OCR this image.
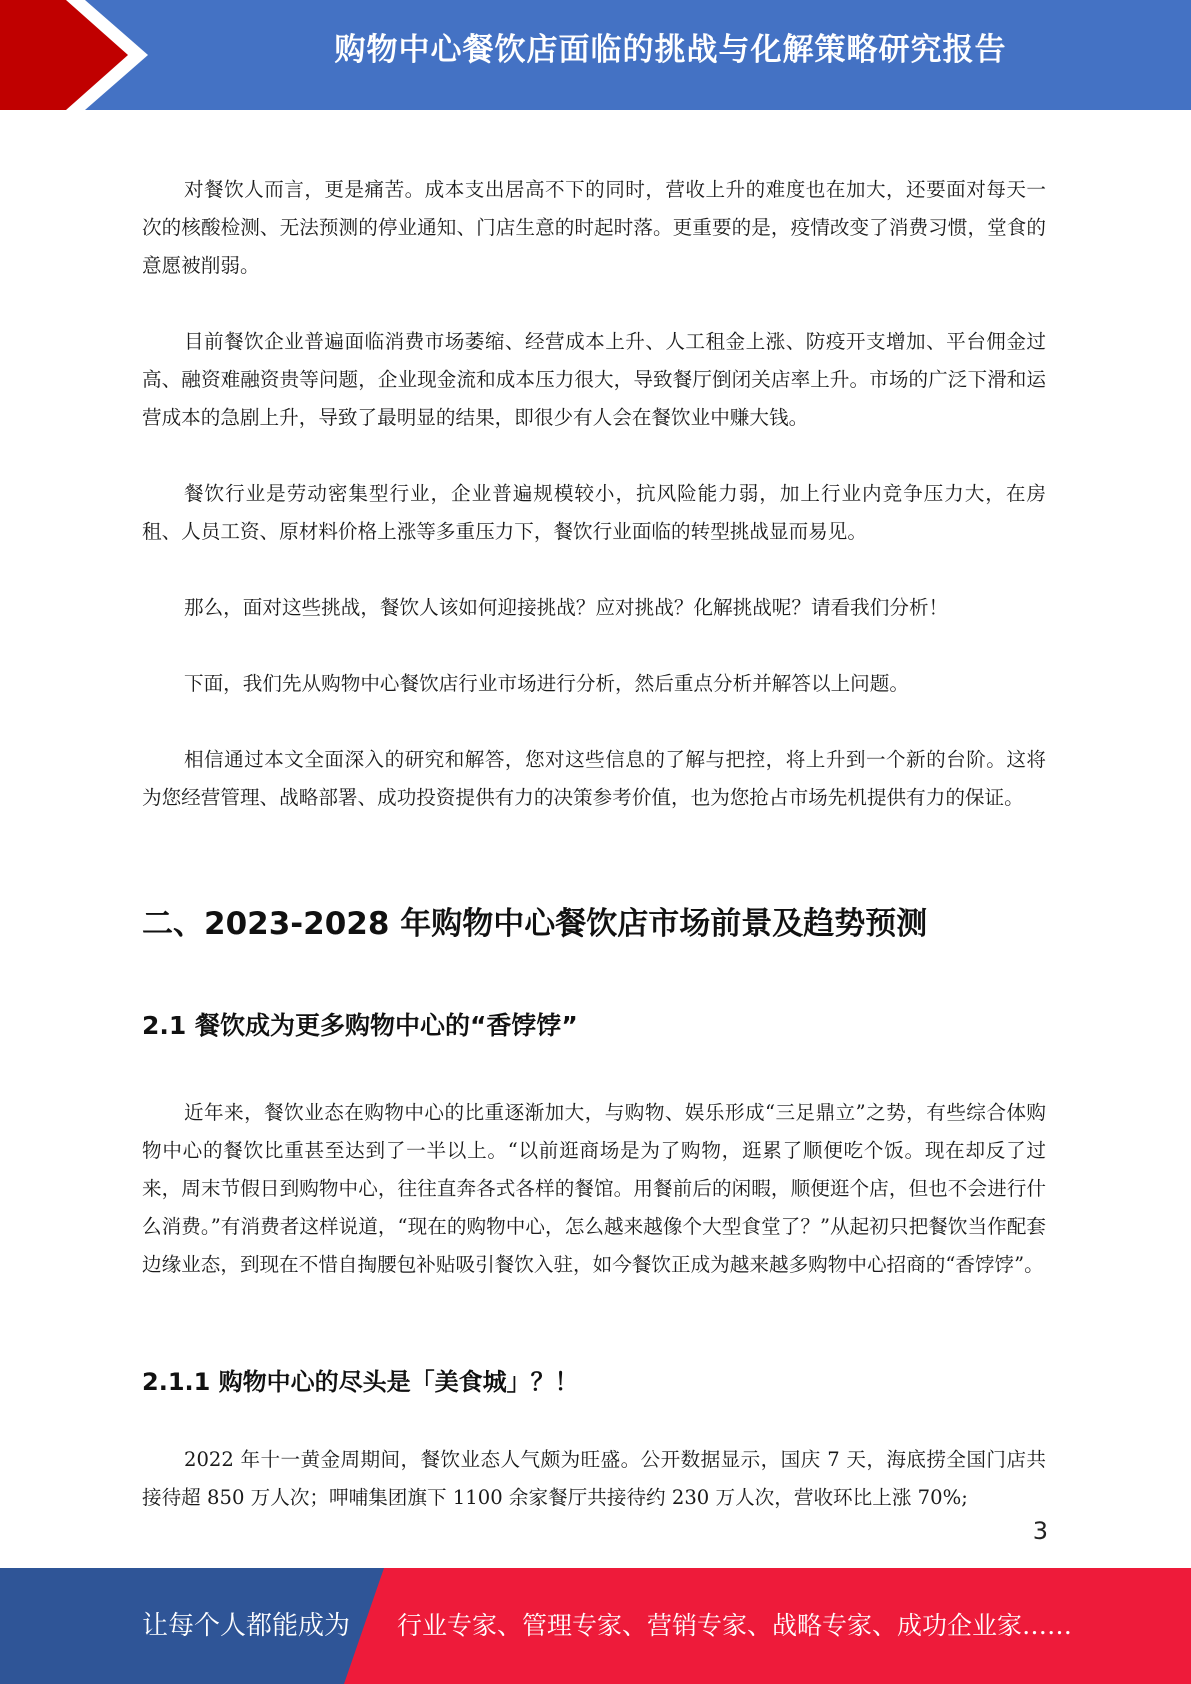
购物中心餐饮店面临的挑战与化解策略研究报告

对餐饮人而言，更是痛苦。成本支出居高不下的同时，营收上升的难度也在加大，还要面对每天一次的核酸检测、无法预测的停业通知、门店生意的时起时落。更重要的是，疫情改变了消费习惯，堂食的意愿被削弱。

目前餐饮企业普遍面临消费市场萎缩、经营成本上升、人工租金上涨、防疫开支增加、平台佣金过高、融资难融资贵等问题，企业现金流和成本压力很大，导致餐厅倒闭关店率上升。市场的广泛下滑和运营成本的急剧上升，导致了最明显的结果，即很少有人会在餐饮业中赚大钱。

餐饮行业是劳动密集型行业，企业普遍规模较小，抗风险能力弱，加上行业内竞争压力大，在房租、人员工资、原材料价格上涨等多重压力下，餐饮行业面临的转型挑战显而易见。

那么，面对这些挑战，餐饮人该如何迎接挑战？应对挑战？化解挑战呢？请看我们分析！

下面，我们先从购物中心餐饮店行业市场进行分析，然后重点分析并解答以上问题。

相信通过本文全面深入的研究和解答，您对这些信息的了解与把控，将上升到一个新的台阶。这将为您经营管理、战略部署、成功投资提供有力的决策参考价值，也为您抢占市场先机提供有力的保证。

二、2023-2028 年购物中心餐饮店市场前景及趋势预测
2.1 餐饮成为更多购物中心的“香饽饽”

近年来，餐饮业态在购物中心的比重逐渐加大，与购物、娱乐形成“三足鼎立”之势，有些综合体购物中心的餐饮比重甚至达到了一半以上。“以前逛商场是为了购物，逛累了顺便吃个饭。现在却反了过来，周末节假日到购物中心，往往直奔各式各样的餐馆。用餐前后的闲暇，顺便逛个店，但也不会进行什么消费。”有消费者这样说道，“现在的购物中心，怎么越来越像个大型食堂了？”从起初只把餐饮当作配套边缘业态，到现在不惜自掏腰包补贴吸引餐饮入驻，如今餐饮正成为越来越多购物中心招商的“香饽饽”。

2.1.1 购物中心的尽头是「美食城」？！

2022 年十一黄金周期间，餐饮业态人气颇为旺盛。公开数据显示，国庆 7 天，海底捞全国门店共接待超 850 万人次；呷哺集团旗下 1100 余家餐厅共接待约 230 万人次，营收环比上涨 70%;

3
让每个人都能成为 行业专家、管理专家、营销专家、战略专家、成功企业家……
